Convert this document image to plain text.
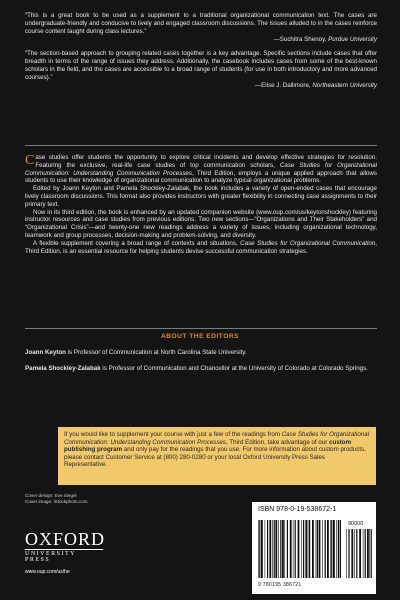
“This is a great book to be used as a supplement to a traditional organizational communication text. The cases are undergraduate-friendly and conducive to lively and engaged classroom discussions. The issues alluded to in the cases reinforce course content taught during class lectures.”

—Suchitra Shenoy, Purdue University

“The section-based approach to grouping related cases together is a key advantage. Specific sections include cases that offer breadth in terms of the range of issues they address. Additionally, the casebook includes cases from some of the best-known scholars in the field, and the cases are accessible to a broad range of students (for use in both introductory and more advanced courses).”

—Elise J. Dallimore, Northeastern University

Case studies offer students the opportunity to explore critical incidents and develop effective strategies for resolution. Featuring the exclusive, real-life case studies of top communication scholars, Case Studies for Organizational Communication: Understanding Communication Processes, Third Edition, employs a unique applied approach that allows students to use their knowledge of organizational communication to analyze typical organizational problems.

Edited by Joann Keyton and Pamela Shockley-Zalabak, the book includes a variety of open-ended cases that encourage lively classroom discussions. This format also provides instructors with greater flexibility in connecting case assignments to their primary text.

Now in its third edition, the book is enhanced by an updated companion website (www.oup.com/us/keytonshockley) featuring instructor resources and case studies from previous editions. Two new sections—“Organizations and Their Stakeholders” and “Organizational Crisis”—and twenty-one new readings address a variety of issues, including organizational technology, teamwork and group processes, decision-making and problem-solving, and diversity.

A flexible supplement covering a broad range of contexts and situations, Case Studies for Organizational Communication, Third Edition, is an essential resource for helping students devise successful communication strategies.

ABOUT THE EDITORS

Joann Keyton is Professor of Communication at North Carolina State University.

Pamela Shockley-Zalabak is Professor of Communication and Chancellor at the University of Colorado at Colorado Springs.

If you would like to supplement your course with just a few of the readings from Case Studies for Organizational Communication: Understanding Communication Processes, Third Edition, take advantage of our custom publishing program and only pay for the readings that you use. For more information about custom products, please contact Customer Service at (800) 280-0280 or your local Oxford University Press Sales Representative.

Cover design: Eve Siegel
Cover image: iStockphoto.com
OXFORD
UNIVERSITY PRESS
www.oup.com/us/he
ISBN 978-0-19-538672-1
90000
9 780195 386721
